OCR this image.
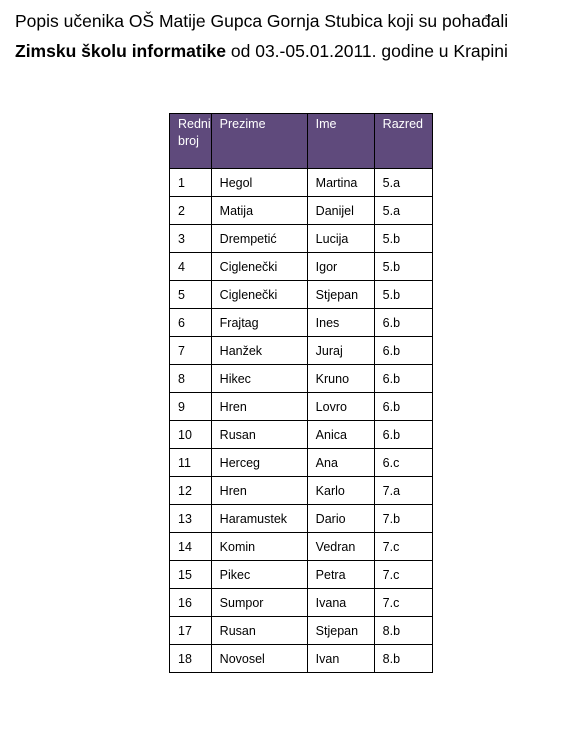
Popis učenika OŠ Matije Gupca Gornja Stubica koji su pohađali
Zimsku školu informatike od 03.-05.01.2011. godine u Krapini
Redni
broj	Prezime	Ime	Razred

1	Hegol	Martina	5.a
2	Matija	Danijel	5.a
3	Drempetić	Lucija	5.b
4	Ciglenečki	Igor	5.b
5	Ciglenečki	Stjepan	5.b
6	Frajtag	Ines	6.b
7	Hanžek	Juraj	6.b
8	Hikec	Kruno	6.b
9	Hren	Lovro	6.b
10	Rusan	Anica	6.b
11	Herceg	Ana	6.c
12	Hren	Karlo	7.a
13	Haramustek	Dario	7.b
14	Komin	Vedran	7.c
15	Pikec	Petra	7.c
16	Sumpor	Ivana	7.c
17	Rusan	Stjepan	8.b
18	Novosel	Ivan	8.b
